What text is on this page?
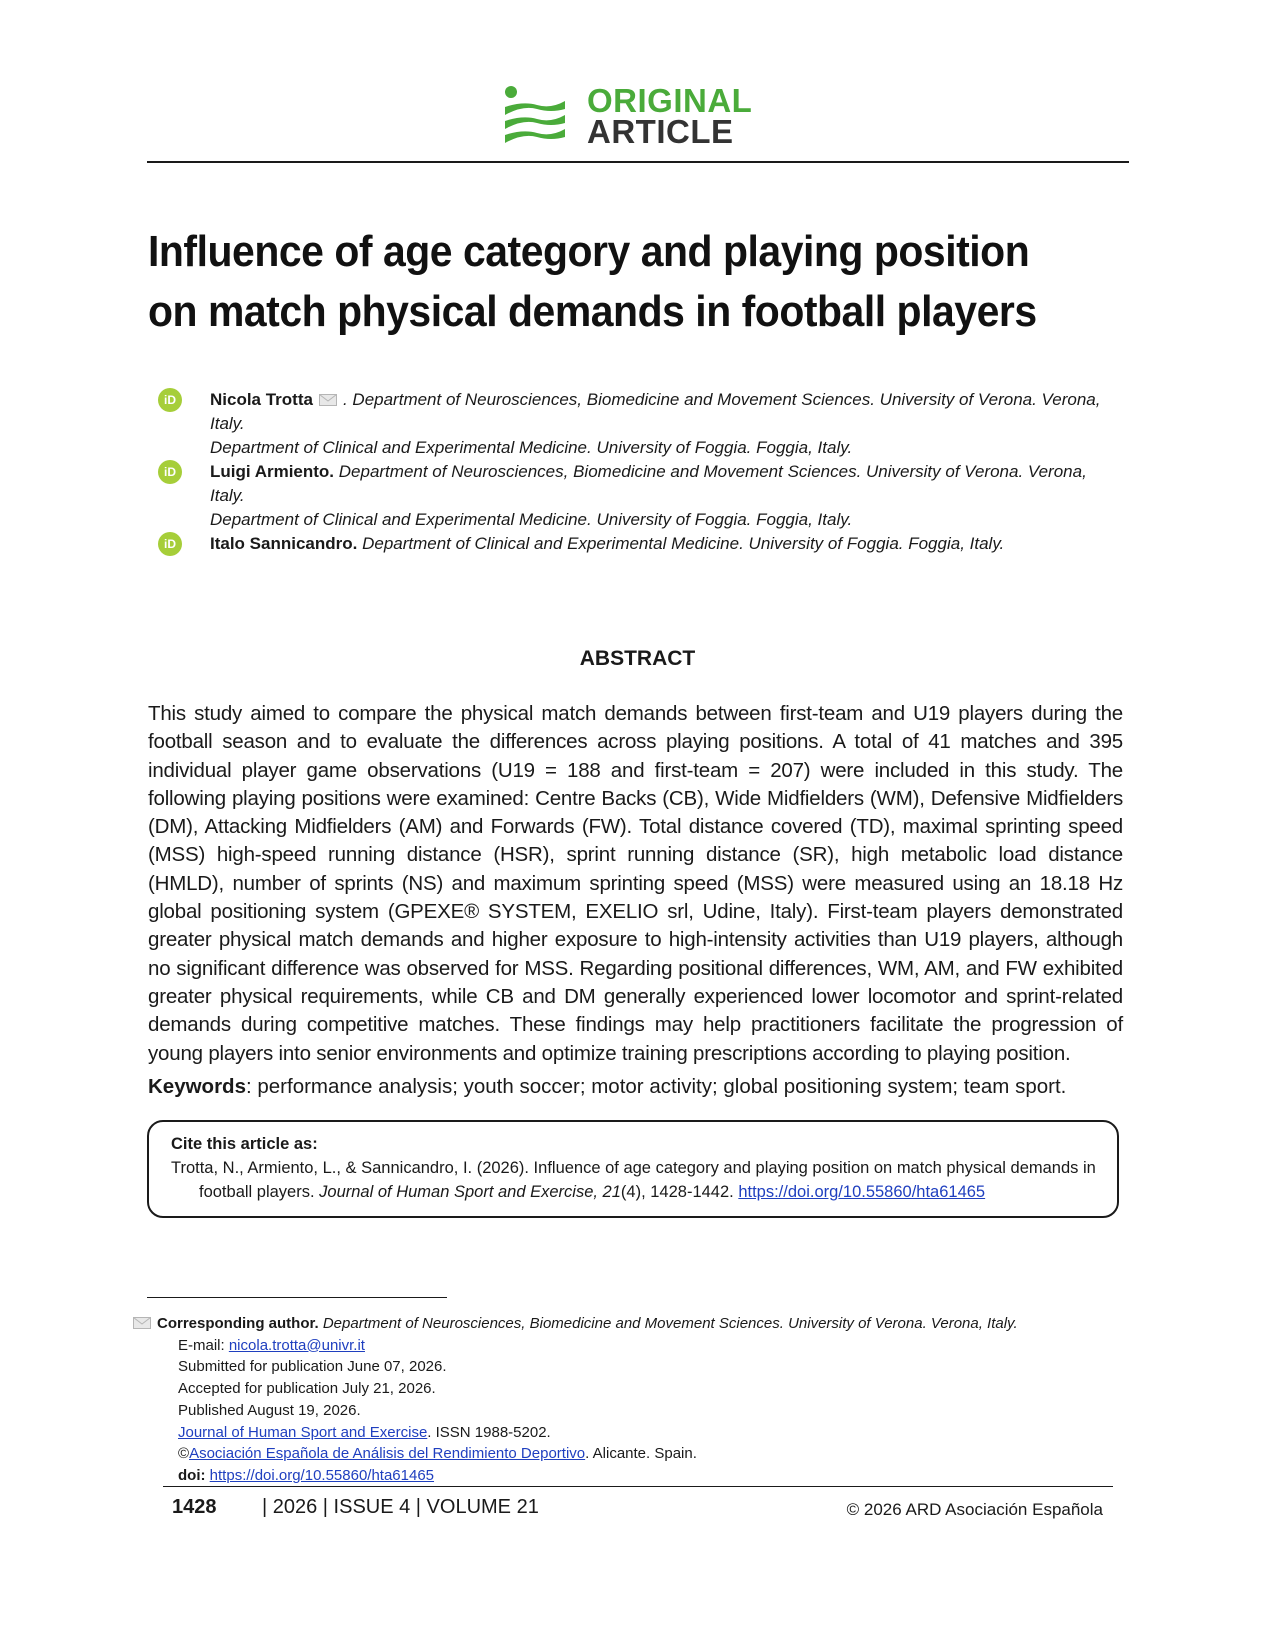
ORIGINAL
ARTICLE
Influence of age category and playing position on match physical demands in football players
iD	Nicola Trotta . Department of Neurosciences, Biomedicine and Movement Sciences. University of Verona. Verona, Italy.
Department of Clinical and Experimental Medicine. University of Foggia. Foggia, Italy.
iD	Luigi Armiento. Department of Neurosciences, Biomedicine and Movement Sciences. University of Verona. Verona, Italy.
Department of Clinical and Experimental Medicine. University of Foggia. Foggia, Italy.
iD	Italo Sannicandro. Department of Clinical and Experimental Medicine. University of Foggia. Foggia, Italy.
ABSTRACT

This study aimed to compare the physical match demands between first-team and U19 players during the football season and to evaluate the differences across playing positions. A total of 41 matches and 395 individual player game observations (U19 = 188 and first-team = 207) were included in this study. The following playing positions were examined: Centre Backs (CB), Wide Midfielders (WM), Defensive Midfielders (DM), Attacking Midfielders (AM) and Forwards (FW). Total distance covered (TD), maximal sprinting speed (MSS) high-speed running distance (HSR), sprint running distance (SR), high metabolic load distance (HMLD), number of sprints (NS) and maximum sprinting speed (MSS) were measured using an 18.18 Hz global positioning system (GPEXE® SYSTEM, EXELIO srl, Udine, Italy). First-team players demonstrated greater physical match demands and higher exposure to high-intensity activities than U19 players, although no significant difference was observed for MSS. Regarding positional differences, WM, AM, and FW exhibited greater physical requirements, while CB and DM generally experienced lower locomotor and sprint-related demands during competitive matches. These findings may help practitioners facilitate the progression of young players into senior environments and optimize training prescriptions according to playing position.

Keywords: performance analysis; youth soccer; motor activity; global positioning system; team sport.

Cite this article as:
Trotta, N., Armiento, L., & Sannicandro, I. (2026). Influence of age category and playing position on match physical demands in football players. Journal of Human Sport and Exercise, 21(4), 1428-1442. https://doi.org/10.55860/hta61465
Corresponding author. Department of Neurosciences, Biomedicine and Movement Sciences. University of Verona. Verona, Italy.
E-mail: nicola.trotta@univr.it
Submitted for publication June 07, 2026.
Accepted for publication July 21, 2026.
Published August 19, 2026.
Journal of Human Sport and Exercise. ISSN 1988-5202.
©Asociación Española de Análisis del Rendimiento Deportivo. Alicante. Spain.
doi: https://doi.org/10.55860/hta61465
1428 | 2026 | ISSUE 4 | VOLUME 21	© 2026 ARD Asociación Española
